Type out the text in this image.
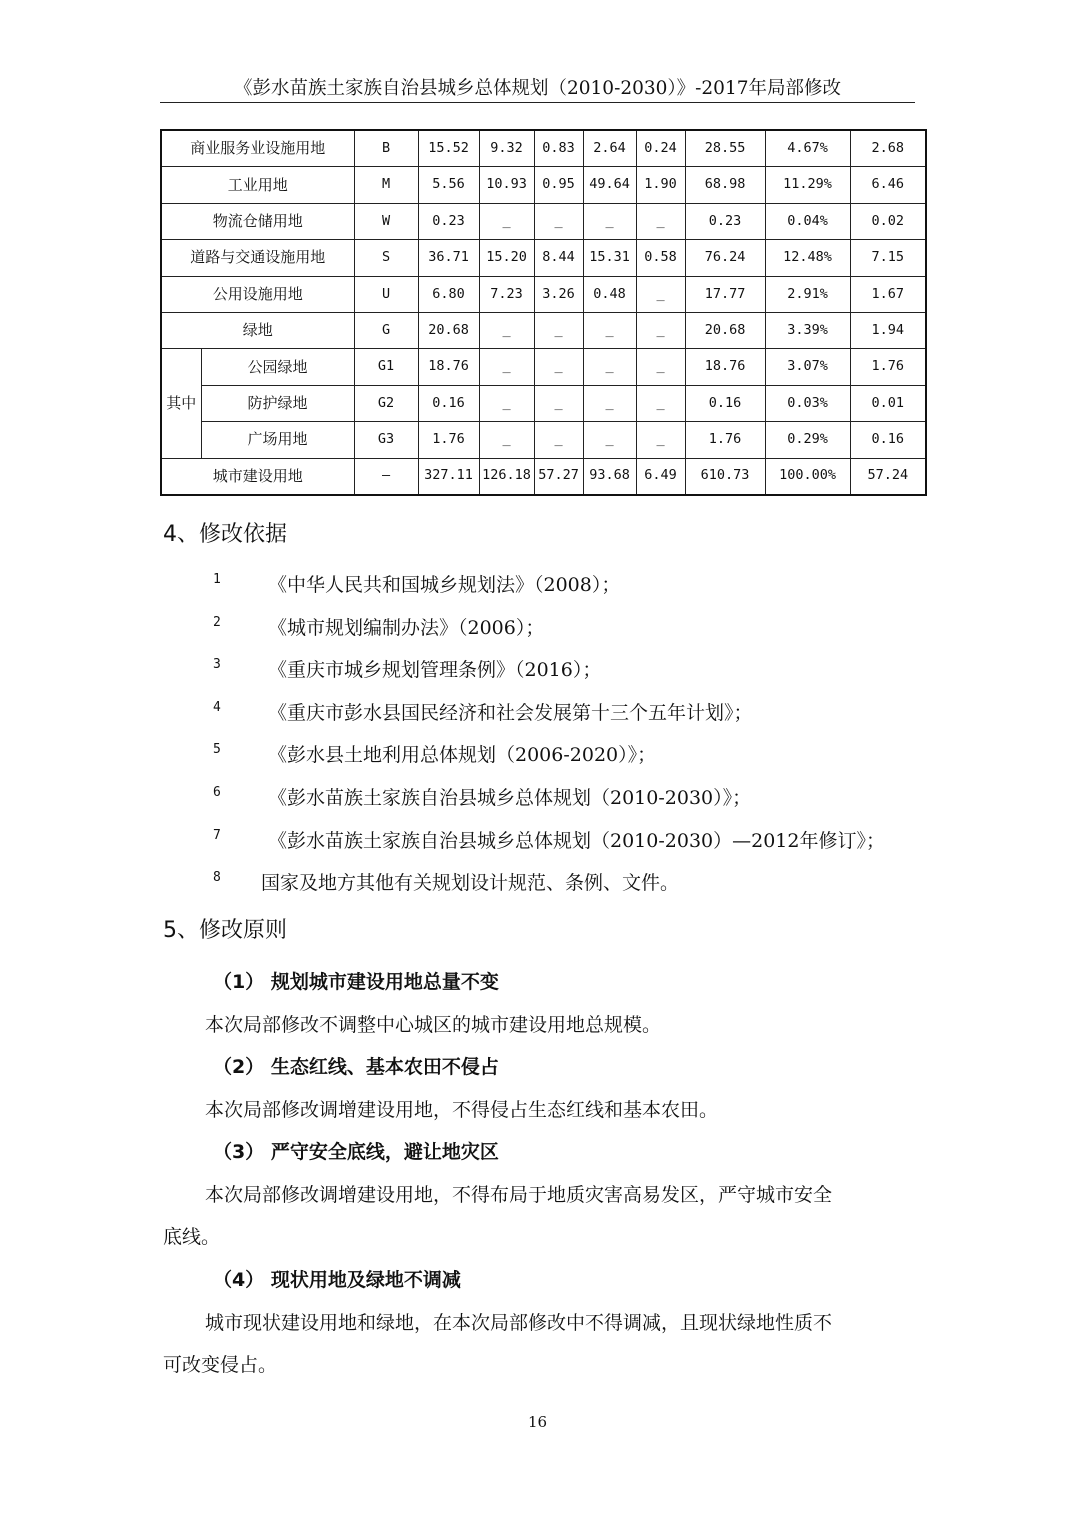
《彭水苗族土家族自治县城乡总体规划（2010-2030）》-2017年局部修改
商业服务业设施用地		B	15.52	9.32	0.83	2.64	0.24	28.55	4.67%	2.68
工业用地		M	5.56	10.93	0.95	49.64	1.90	68.98	11.29%	6.46
物流仓储用地		W	0.23	_	_	_	_	0.23	0.04%	0.02
道路与交通设施用地		S	36.71	15.20	8.44	15.31	0.58	76.24	12.48%	7.15
公用设施用地		U	6.80	7.23	3.26	0.48	_	17.77	2.91%	1.67
绿地		G	20.68	_	_	_	_	20.68	3.39%	1.94
其中	公园绿地	G1	18.76	_	_	_	_	18.76	3.07%	1.76
	防护绿地	G2	0.16	_	_	_	_	0.16	0.03%	0.01
	广场用地	G3	1.76	_	_	_	_	1.76	0.29%	0.16
城市建设用地		—	327.11	126.18	57.27	93.68	6.49	610.73	100.00%	57.24
4、修改依据
1 《中华人民共和国城乡规划法》（2008）；
2 《城市规划编制办法》（2006）；
3 《重庆市城乡规划管理条例》（2016）；
4 《重庆市彭水县国民经济和社会发展第十三个五年计划》；
5 《彭水县土地利用总体规划（2006-2020）》；
6 《彭水苗族土家族自治县城乡总体规划（2010-2030）》；
7 《彭水苗族土家族自治县城乡总体规划（2010-2030）—2012年修订》；
8 国家及地方其他有关规划设计规范、条例、文件。
5、修改原则
（1） 规划城市建设用地总量不变
本次局部修改不调整中心城区的城市建设用地总规模。
（2） 生态红线、基本农田不侵占
本次局部修改调增建设用地，不得侵占生态红线和基本农田。
（3） 严守安全底线，避让地灾区
本次局部修改调增建设用地，不得布局于地质灾害高易发区，严守城市安全
底线。
（4） 现状用地及绿地不调减
城市现状建设用地和绿地，在本次局部修改中不得调减，且现状绿地性质不
可改变侵占。
16
